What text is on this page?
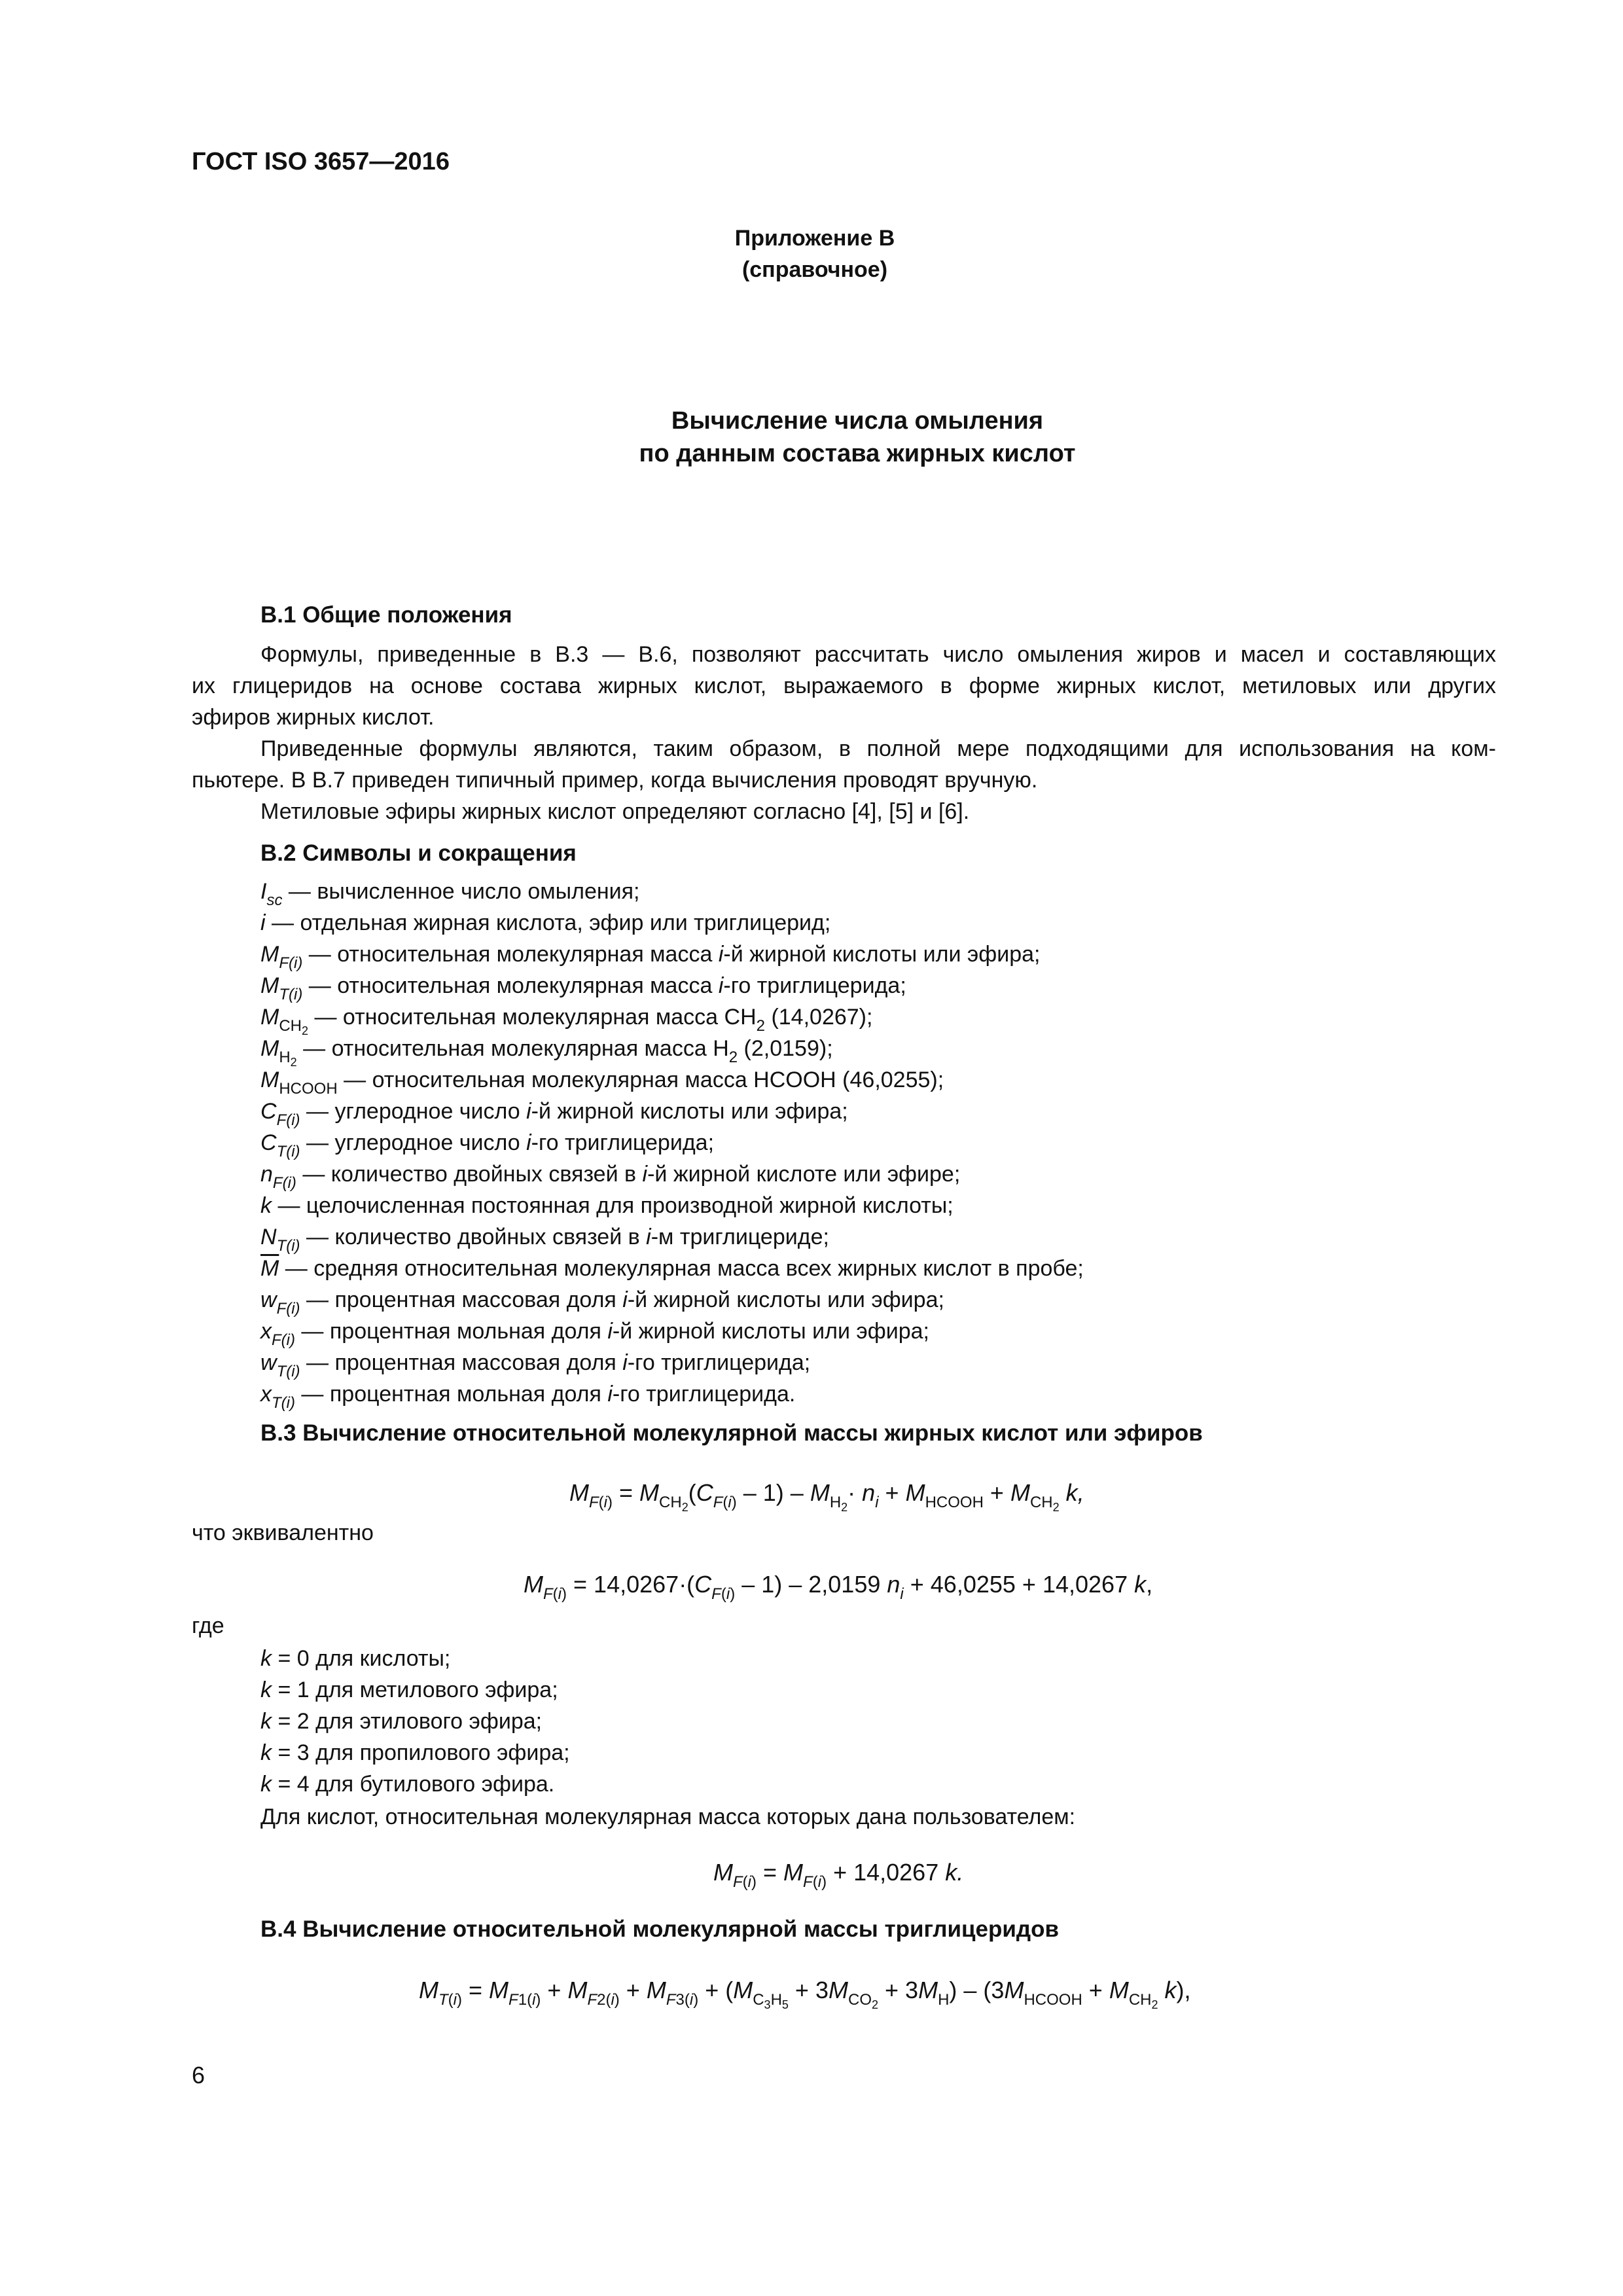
ГОСТ ISO 3657—2016
Приложение В
(справочное)
Вычисление числа омыления
по данным состава жирных кислот
В.1 Общие положения
Формулы, приведенные в В.3 — В.6, позволяют рассчитать число омыления жиров и масел и составляющих
их глицеридов на основе состава жирных кислот, выражаемого в форме жирных кислот, метиловых или других
эфиров жирных кислот.
Приведенные формулы являются, таким образом, в полной мере подходящими для использования на ком-
пьютере. В В.7 приведен типичный пример, когда вычисления проводят вручную.
Метиловые эфиры жирных кислот определяют согласно [4], [5] и [6].
В.2 Символы и сокращения
$I_{sc}$ — вычисленное число омыления;
i — отдельная жирная кислота, эфир или триглицерид;
$M_{F(i)}$ — относительная молекулярная масса i-й жирной кислоты или эфира;
$M_{T(i)}$ — относительная молекулярная масса i-го триглицерида;
$M_{CH_2}$ — относительная молекулярная масса $CH_2$ (14,0267);
$M_{H_2}$ — относительная молекулярная масса $H_2$ (2,0159);
$M_{HCOOH}$ — относительная молекулярная масса HCOOH (46,0255);
$C_{F(i)}$ — углеродное число i-й жирной кислоты или эфира;
$C_{T(i)}$ — углеродное число i-го триглицерида;
$n_{F(i)}$ — количество двойных связей в i-й жирной кислоте или эфире;
k — целочисленная постоянная для производной жирной кислоты;
$N_{T(i)}$ — количество двойных связей в i-м триглицериде;
$\overline{M}$ — средняя относительная молекулярная масса всех жирных кислот в пробе;
$w_{F(i)}$ — процентная массовая доля i-й жирной кислоты или эфира;
$x_{F(i)}$ — процентная мольная доля i-й жирной кислоты или эфира;
$w_{T(i)}$ — процентная массовая доля i-го триглицерида;
$x_{T(i)}$ — процентная мольная доля i-го триглицерида.
В.3 Вычисление относительной молекулярной массы жирных кислот или эфиров
$M_{F(i)} = M_{CH_2}(C_{F(i)} - 1) - M_{H_2}\cdot n_i + M_{HCOOH} + M_{CH_2}$ k,
что эквивалентно
$M_{F(i)} = 14,0267\cdot(C_{F(i)} - 1) - 2,0159$ $n_i + 46,0255 + 14,0267$ k,
где
k = 0 для кислоты;
k = 1 для метилового эфира;
k = 2 для этилового эфира;
k = 3 для пропилового эфира;
k = 4 для бутилового эфира.
Для кислот, относительная молекулярная масса которых дана пользователем:
$M_{F(i)} = M_{F(i)} + 14,0267$ k.
В.4 Вычисление относительной молекулярной массы триглицеридов
$M_{T(i)} = M_{F1(i)} + M_{F2(i)} + M_{F3(i)} + (M_{C_3H_5} + 3M_{CO_2} + 3M_H) - (3M_{HCOOH} + M_{CH_2}$ k),
6
